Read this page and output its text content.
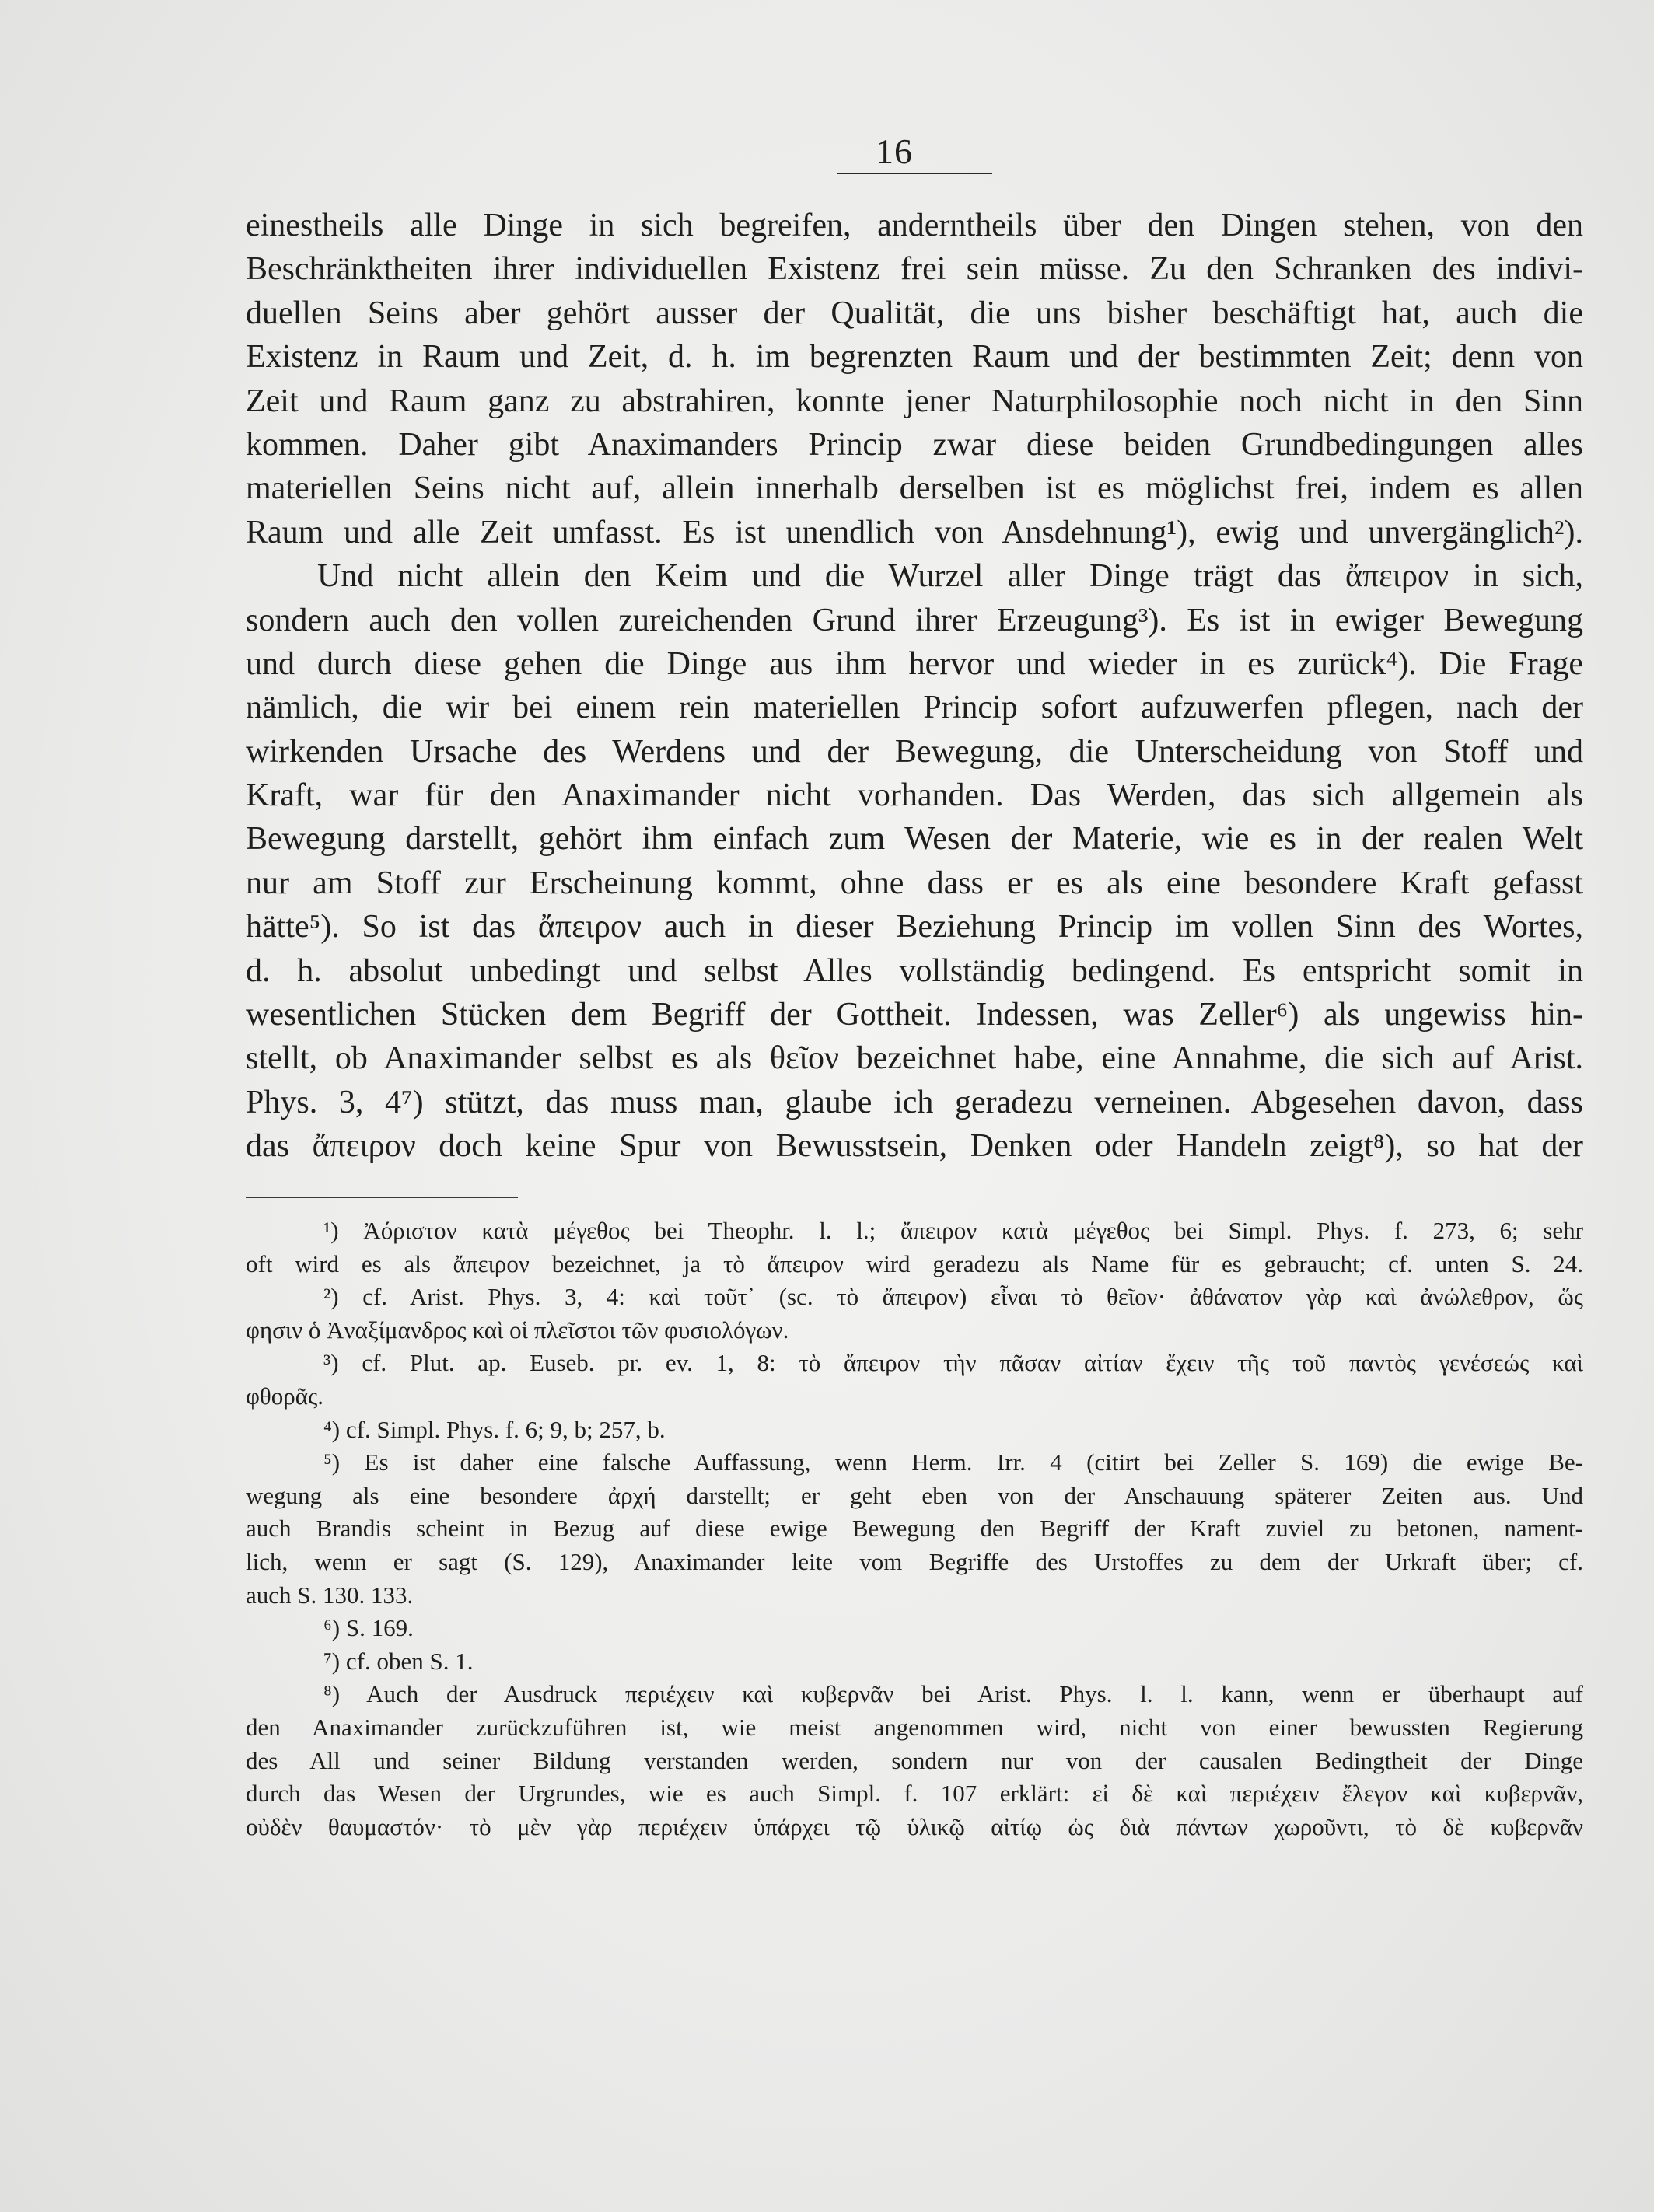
16
einestheils alle Dinge in sich begreifen, anderntheils über den Dingen stehen, von den
Beschränktheiten ihrer individuellen Existenz frei sein müsse. Zu den Schranken des indivi-
duellen Seins aber gehört ausser der Qualität, die uns bisher beschäftigt hat, auch die
Existenz in Raum und Zeit, d. h. im begrenzten Raum und der bestimmten Zeit; denn von
Zeit und Raum ganz zu abstrahiren, konnte jener Naturphilosophie noch nicht in den Sinn
kommen. Daher gibt Anaximanders Princip zwar diese beiden Grundbedingungen alles
materiellen Seins nicht auf, allein innerhalb derselben ist es möglichst frei, indem es allen
Raum und alle Zeit umfasst. Es ist unendlich von Ansdehnung¹), ewig und unvergänglich²).
Und nicht allein den Keim und die Wurzel aller Dinge trägt das ἄπειρον in sich,
sondern auch den vollen zureichenden Grund ihrer Erzeugung³). Es ist in ewiger Bewegung
und durch diese gehen die Dinge aus ihm hervor und wieder in es zurück⁴). Die Frage
nämlich, die wir bei einem rein materiellen Princip sofort aufzuwerfen pflegen, nach der
wirkenden Ursache des Werdens und der Bewegung, die Unterscheidung von Stoff und
Kraft, war für den Anaximander nicht vorhanden. Das Werden, das sich allgemein als
Bewegung darstellt, gehört ihm einfach zum Wesen der Materie, wie es in der realen Welt
nur am Stoff zur Erscheinung kommt, ohne dass er es als eine besondere Kraft gefasst
hätte⁵). So ist das ἄπειρον auch in dieser Beziehung Princip im vollen Sinn des Wortes,
d. h. absolut unbedingt und selbst Alles vollständig bedingend. Es entspricht somit in
wesentlichen Stücken dem Begriff der Gottheit. Indessen, was Zeller⁶) als ungewiss hin-
stellt, ob Anaximander selbst es als θεῖον bezeichnet habe, eine Annahme, die sich auf Arist.
Phys. 3, 4⁷) stützt, das muss man, glaube ich geradezu verneinen. Abgesehen davon, dass
das ἄπειρον doch keine Spur von Bewusstsein, Denken oder Handeln zeigt⁸), so hat der
¹) Ἀόριστον κατὰ μέγεθος bei Theophr. l. l.; ἄπειρον κατὰ μέγεθος bei Simpl. Phys. f. 273, 6; sehr
oft wird es als ἄπειρον bezeichnet, ja τὸ ἄπειρον wird geradezu als Name für es gebraucht; cf. unten S. 24.
²) cf. Arist. Phys. 3, 4: καὶ τοῦτ᾽ (sc. τὸ ἄπειρον) εἶναι τὸ θεῖον· ἀθάνατον γὰρ καὶ ἀνώλεθρον, ὥς
φησιν ὁ Ἀναξίμανδρος καὶ οἱ πλεῖστοι τῶν φυσιολόγων.
³) cf. Plut. ap. Euseb. pr. ev. 1, 8: τὸ ἄπειρον τὴν πᾶσαν αἰτίαν ἔχειν τῆς τοῦ παντὸς γενέσεώς καὶ
φθορᾶς.
⁴) cf. Simpl. Phys. f. 6; 9, b; 257, b.
⁵) Es ist daher eine falsche Auffassung, wenn Herm. Irr. 4 (citirt bei Zeller S. 169) die ewige Be-
wegung als eine besondere ἀρχή darstellt; er geht eben von der Anschauung späterer Zeiten aus. Und
auch Brandis scheint in Bezug auf diese ewige Bewegung den Begriff der Kraft zuviel zu betonen, nament-
lich, wenn er sagt (S. 129), Anaximander leite vom Begriffe des Urstoffes zu dem der Urkraft über; cf.
auch S. 130. 133.
⁶) S. 169.
⁷) cf. oben S. 1.
⁸) Auch der Ausdruck περιέχειν καὶ κυβερνᾶν bei Arist. Phys. l. l. kann, wenn er überhaupt auf
den Anaximander zurückzuführen ist, wie meist angenommen wird, nicht von einer bewussten Regierung
des All und seiner Bildung verstanden werden, sondern nur von der causalen Bedingtheit der Dinge
durch das Wesen der Urgrundes, wie es auch Simpl. f. 107 erklärt: εἰ δὲ καὶ περιέχειν ἔλεγον καὶ κυβερνᾶν,
οὐδὲν θαυμαστόν· τὸ μὲν γὰρ περιέχειν ὑπάρχει τῷ ὑλικῷ αἰτίῳ ὡς διὰ πάντων χωροῦντι, τὸ δὲ κυβερνᾶν
